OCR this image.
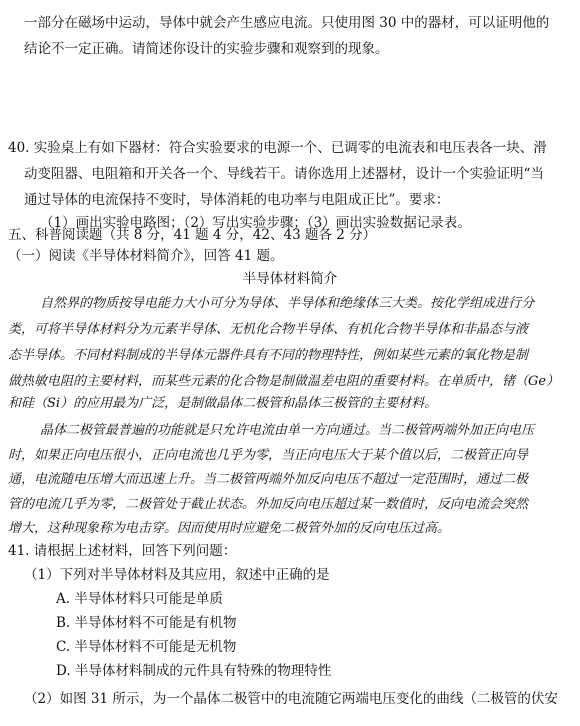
一部分在磁场中运动，导体中就会产生感应电流。只使用图 30 中的器材，可以证明他的
结论不一定正确。请简述你设计的实验步骤和观察到的现象。
40. 实验桌上有如下器材：符合实验要求的电源一个、已调零的电流表和电压表各一块、滑
动变阻器、电阻箱和开关各一个、导线若干。请你选用上述器材，设计一个实验证明“当
通过导体的电流保持不变时，导体消耗的电功率与电阻成正比”。要求：
（1）画出实验电路图；（2）写出实验步骤；（3）画出实验数据记录表。
五、科普阅读题（共 8 分，41 题 4 分，42、43 题各 2 分）
（一）阅读《半导体材料简介》，回答 41 题。
半导体材料简介
自然界的物质按导电能力大小可分为导体、半导体和绝缘体三大类。按化学组成进行分
类，可将半导体材料分为元素半导体、无机化合物半导体、有机化合物半导体和非晶态与液
态半导体。不同材料制成的半导体元器件具有不同的物理特性，例如某些元素的氧化物是制
做热敏电阻的主要材料，而某些元素的化合物是制做温差电阻的重要材料。在单质中，锗（Ge）
和硅（Si）的应用最为广泛，是制做晶体二极管和晶体三极管的主要材料。
晶体二极管最普遍的功能就是只允许电流由单一方向通过。当二极管两端外加正向电压
时，如果正向电压很小，正向电流也几乎为零，当正向电压大于某个值以后，二极管正向导
通，电流随电压增大而迅速上升。当二极管两端外加反向电压不超过一定范围时，通过二极
管的电流几乎为零，二极管处于截止状态。外加反向电压超过某一数值时，反向电流会突然
增大，这种现象称为电击穿。因而使用时应避免二极管外加的反向电压过高。
41. 请根据上述材料，回答下列问题：
（1）下列对半导体材料及其应用，叙述中正确的是
A. 半导体材料只可能是单质
B. 半导体材料不可能是有机物
C. 半导体材料不可能是无机物
D. 半导体材料制成的元件具有特殊的物理特性
（2）如图 31 所示，为一个晶体二极管中的电流随它两端电压变化的曲线（二极管的伏安
